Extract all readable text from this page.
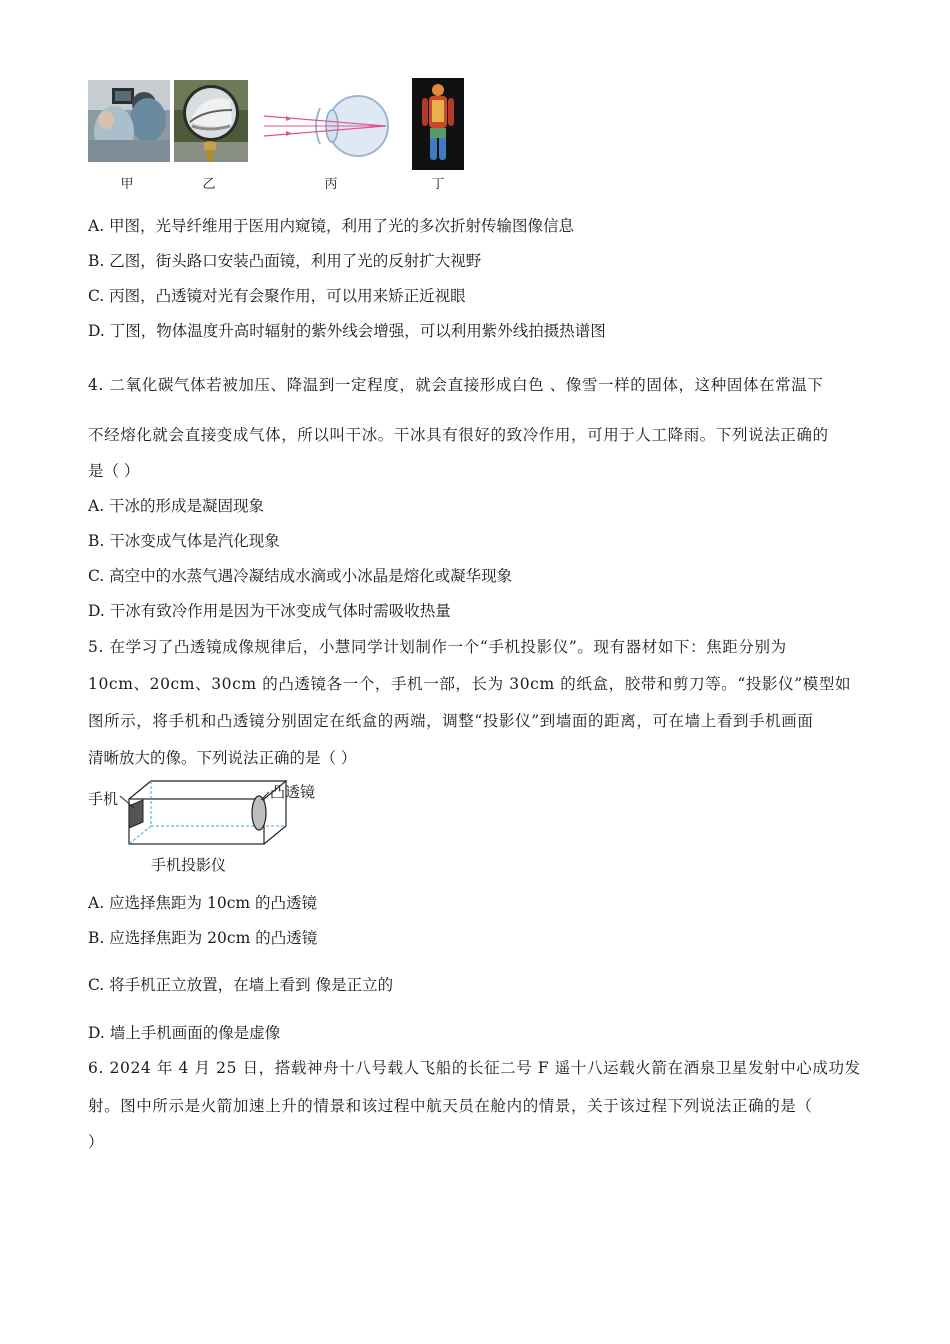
甲	乙	丙	丁
A. 甲图，光导纤维用于医用内窥镜，利用了光的多次折射传输图像信息
B. 乙图，街头路口安装凸面镜，利用了光的反射扩大视野
C. 丙图，凸透镜对光有会聚作用，可以用来矫正近视眼
D. 丁图，物体温度升高时辐射的紫外线会增强，可以利用紫外线拍摄热谱图
4. 二氧化碳气体若被加压、降温到一定程度，就会直接形成白色 、像雪一样的固体，这种固体在常温下
不经熔化就会直接变成气体，所以叫干冰。干冰具有很好的致冷作用，可用于人工降雨。下列说法正确的
是（ ）
A. 干冰的形成是凝固现象
B. 干冰变成气体是汽化现象
C. 高空中的水蒸气遇冷凝结成水滴或小冰晶是熔化或凝华现象
D. 干冰有致冷作用是因为干冰变成气体时需吸收热量
5. 在学习了凸透镜成像规律后，小慧同学计划制作一个“手机投影仪”。现有器材如下：焦距分别为
10cm、20cm、30cm 的凸透镜各一个，手机一部，长为 30cm 的纸盒，胶带和剪刀等。“投影仪”模型如
图所示，将手机和凸透镜分别固定在纸盒的两端，调整“投影仪”到墙面的距离，可在墙上看到手机画面
清晰放大的像。下列说法正确的是（ ）
手机	凸透镜
手机投影仪
A. 应选择焦距为 10cm 的凸透镜
B. 应选择焦距为 20cm 的凸透镜
C. 将手机正立放置，在墙上看到 像是正立的
D. 墙上手机画面的像是虚像
6. 2024 年 4 月 25 日，搭载神舟十八号载人飞船的长征二号 F 遥十八运载火箭在酒泉卫星发射中心成功发
射。图中所示是火箭加速上升的情景和该过程中航天员在舱内的情景，关于该过程下列说法正确的是（
）
